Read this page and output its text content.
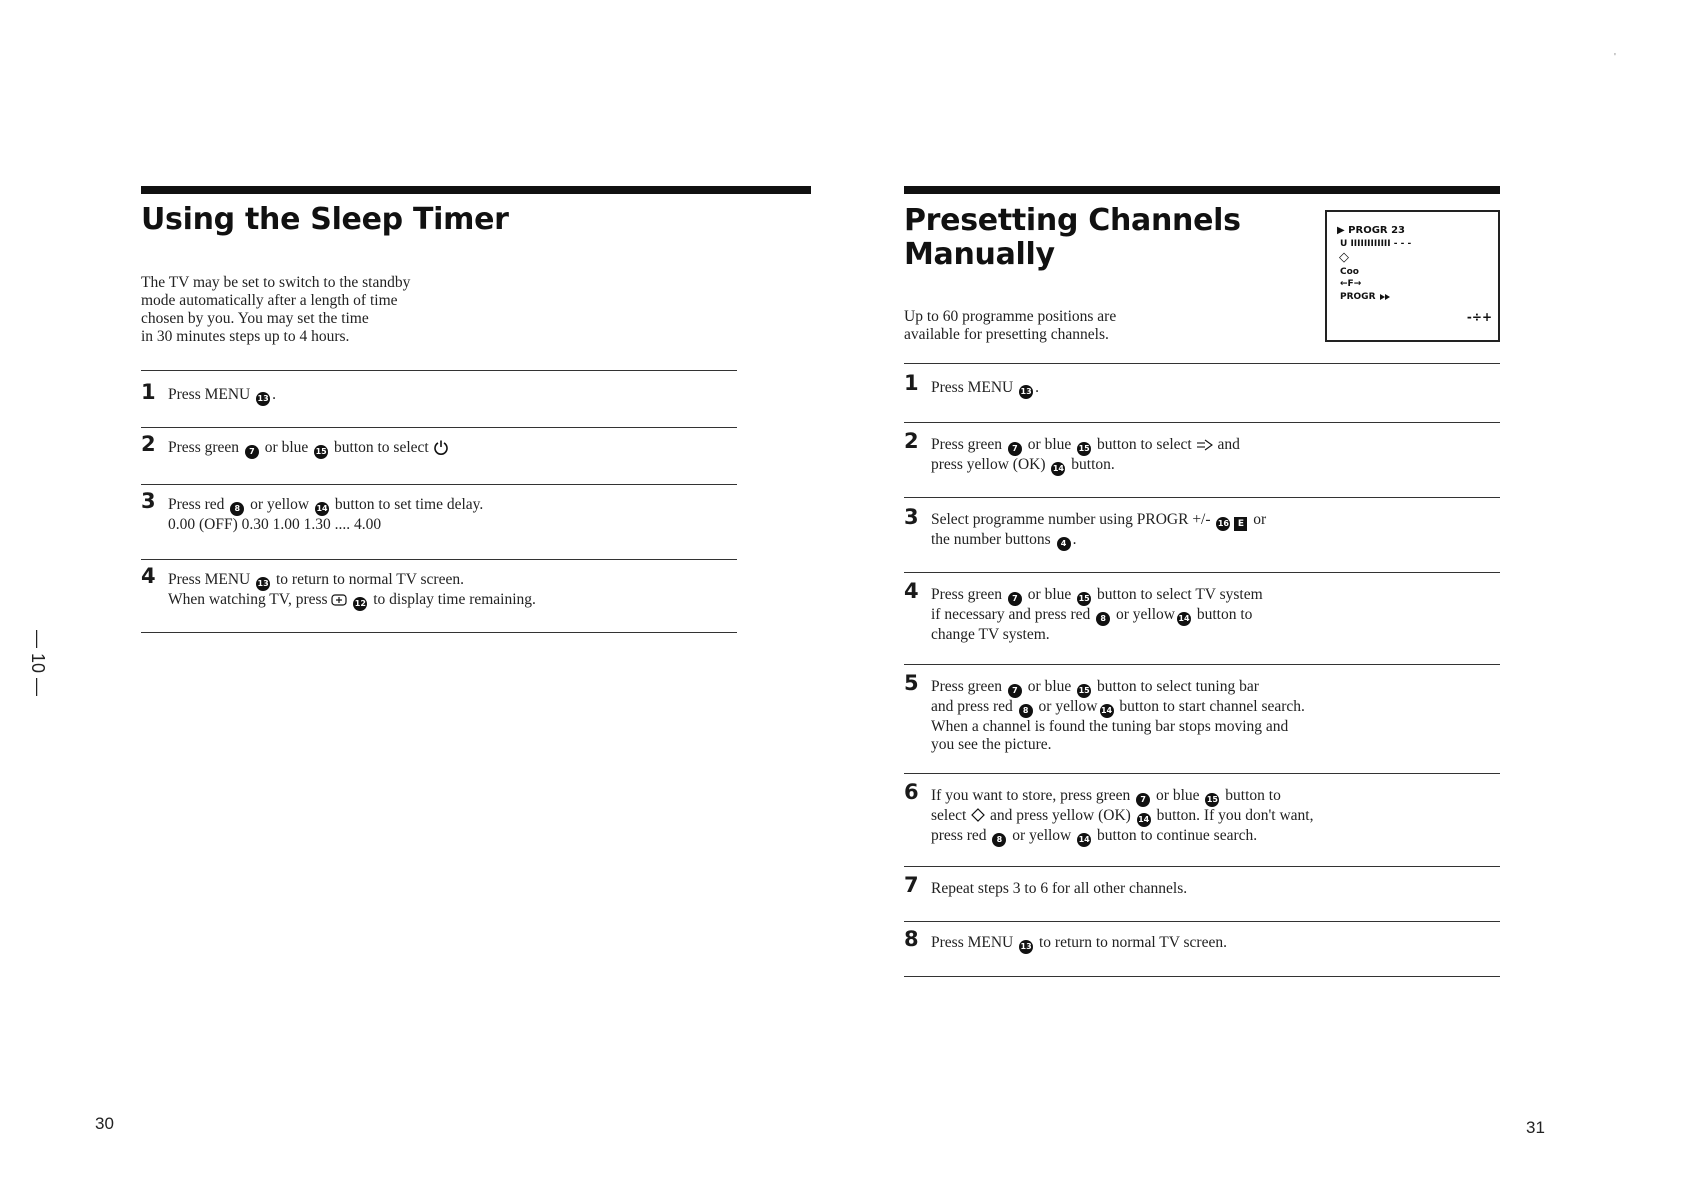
Using the Sleep Timer

The TV may be set to switch to the standby
mode automatically after a length of time
chosen by you. You may set the time
in 30 minutes steps up to 4 hours.

1 Press MENU 13 .
2 Press green 7 or blue 15 button to select
3 Press red 8 or yellow 14 button to set time delay.
0.00 (OFF) 0.30 1.00 1.30 .... 4.00
4 Press MENU 13 to return to normal TV screen.
When watching TV, press	12 to display time remaining.
— 10 —
30
Presetting Channels
Manually
▶ PROGR 23
U IIIIIIIIIIII - - -
◇
Coo
←F→
PROGR
-÷+
'

Up to 60 programme positions are
available for presetting channels.

1 Press MENU 13 .
2 Press green 7 or blue 15 button to select and
press yellow (OK) 14 button.
3 Select programme number using PROGR +/- 16 E or
the number buttons 4 .
4 Press green 7 or blue 15 button to select TV system
if necessary and press red 8 or yellow 14 button to
change TV system.
5 Press green 7 or blue 15 button to select tuning bar
and press red 8 or yellow 14 button to start channel search.
When a channel is found the tuning bar stops moving and
you see the picture.
6 If you want to store, press green 7 or blue 15 button to
select and press yellow (OK) 14 button. If you don't want,
press red 8 or yellow 14 button to continue search.
7 Repeat steps 3 to 6 for all other channels.
8 Press MENU 13 to return to normal TV screen.
31
